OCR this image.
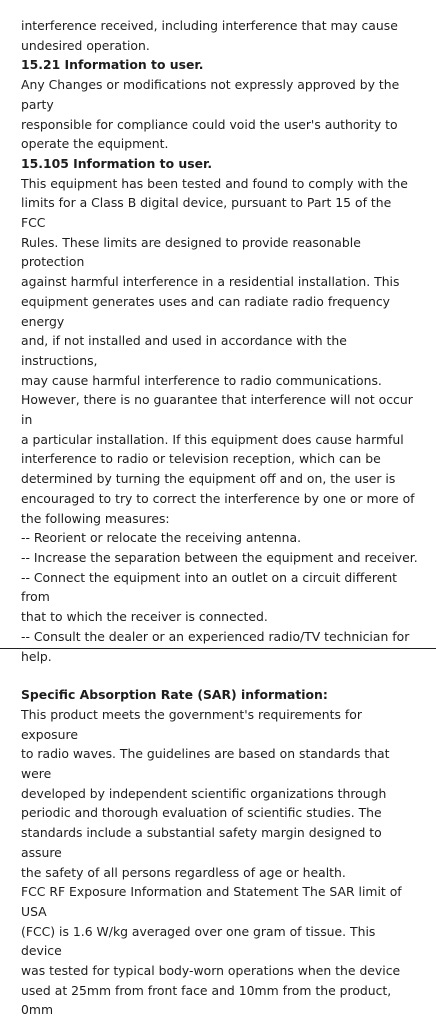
interference received, including interference that may cause

undesired operation.

15.21 Information to user.

Any Changes or modifications not expressly approved by the party

responsible for compliance could void the user's authority to

operate the equipment.

15.105 Information to user.

This equipment has been tested and found to comply with the

limits for a Class B digital device, pursuant to Part 15 of the FCC

Rules. These limits are designed to provide reasonable protection

against harmful interference in a residential installation. This

equipment generates uses and can radiate radio frequency energy

and, if not installed and used in accordance with the instructions,

may cause harmful interference to radio communications.

However, there is no guarantee that interference will not occur in

a particular installation. If this equipment does cause harmful

interference to radio or television reception, which can be

determined by turning the equipment off and on, the user is

encouraged to try to correct the interference by one or more of

the following measures:

-- Reorient or relocate the receiving antenna.

-- Increase the separation between the equipment and receiver.

-- Connect the equipment into an outlet on a circuit different from

that to which the receiver is connected.

-- Consult the dealer or an experienced radio/TV technician for

help.

Specific Absorption Rate (SAR) information:

This product meets the government's requirements for exposure

to radio waves. The guidelines are based on standards that were

developed by independent scientific organizations through

periodic and thorough evaluation of scientific studies. The

standards include a substantial safety margin designed to assure

the safety of all persons regardless of age or health.

FCC RF Exposure Information and Statement The SAR limit of USA

(FCC) is 1.6 W/kg averaged over one gram of tissue. This device

was tested for typical body-worn operations when the device

used at 25mm from front face and 10mm from the product, 0mm
